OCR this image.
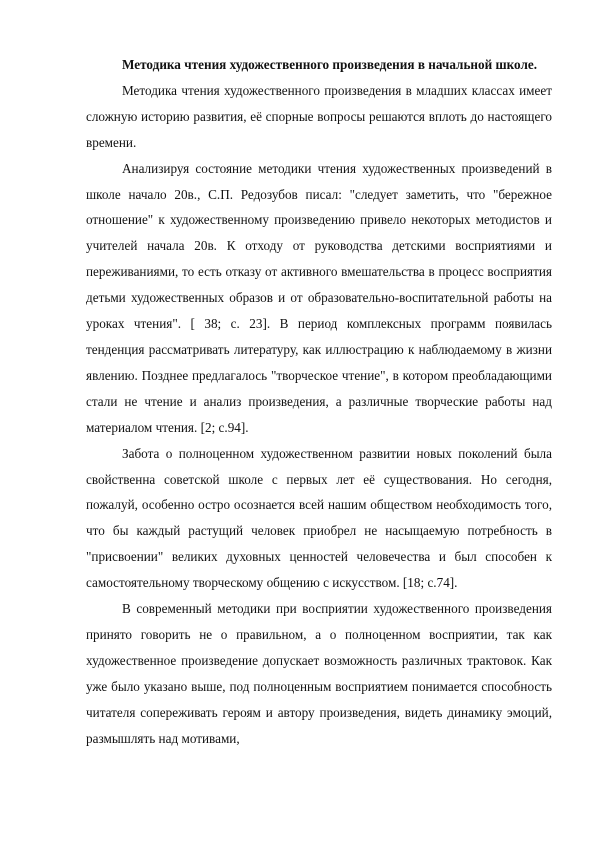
Методика чтения художественного произведения в начальной школе.

Методика чтения художественного произведения в младших классах имеет сложную историю развития, её спорные вопросы решаются вплоть до настоящего времени.

Анализируя состояние методики чтения художественных произведений в школе начало 20в., С.П. Редозубов писал: "следует заметить, что "бережное отношение" к художественному произведению привело некоторых методистов и учителей начала 20в. К отходу от руководства детскими восприятиями и переживаниями, то есть отказу от активного вмешательства в процесс восприятия детьми художественных образов и от образовательно-воспитательной работы на уроках чтения". [ 38; с. 23]. В период комплексных программ появилась тенденция рассматривать литературу, как иллюстрацию к наблюдаемому в жизни явлению. Позднее предлагалось "творческое чтение", в котором преобладающими стали не чтение и анализ произведения, а различные творческие работы над материалом чтения. [2; с.94].

Забота о полноценном художественном развитии новых поколений была свойственна советской школе с первых лет её существования. Но сегодня, пожалуй, особенно остро осознается всей нашим обществом необходимость того, что бы каждый растущий человек приобрел не насыщаемую потребность в "присвоении" великих духовных ценностей человечества и был способен к самостоятельному творческому общению с искусством. [18; с.74].

В современный методики при восприятии художественного произведения принято говорить не о правильном, а о полноценном восприятии, так как художественное произведение допускает возможность различных трактовок. Как уже было указано выше, под полноценным восприятием понимается способность читателя сопереживать героям и автору произведения, видеть динамику эмоций, размышлять над мотивами,
